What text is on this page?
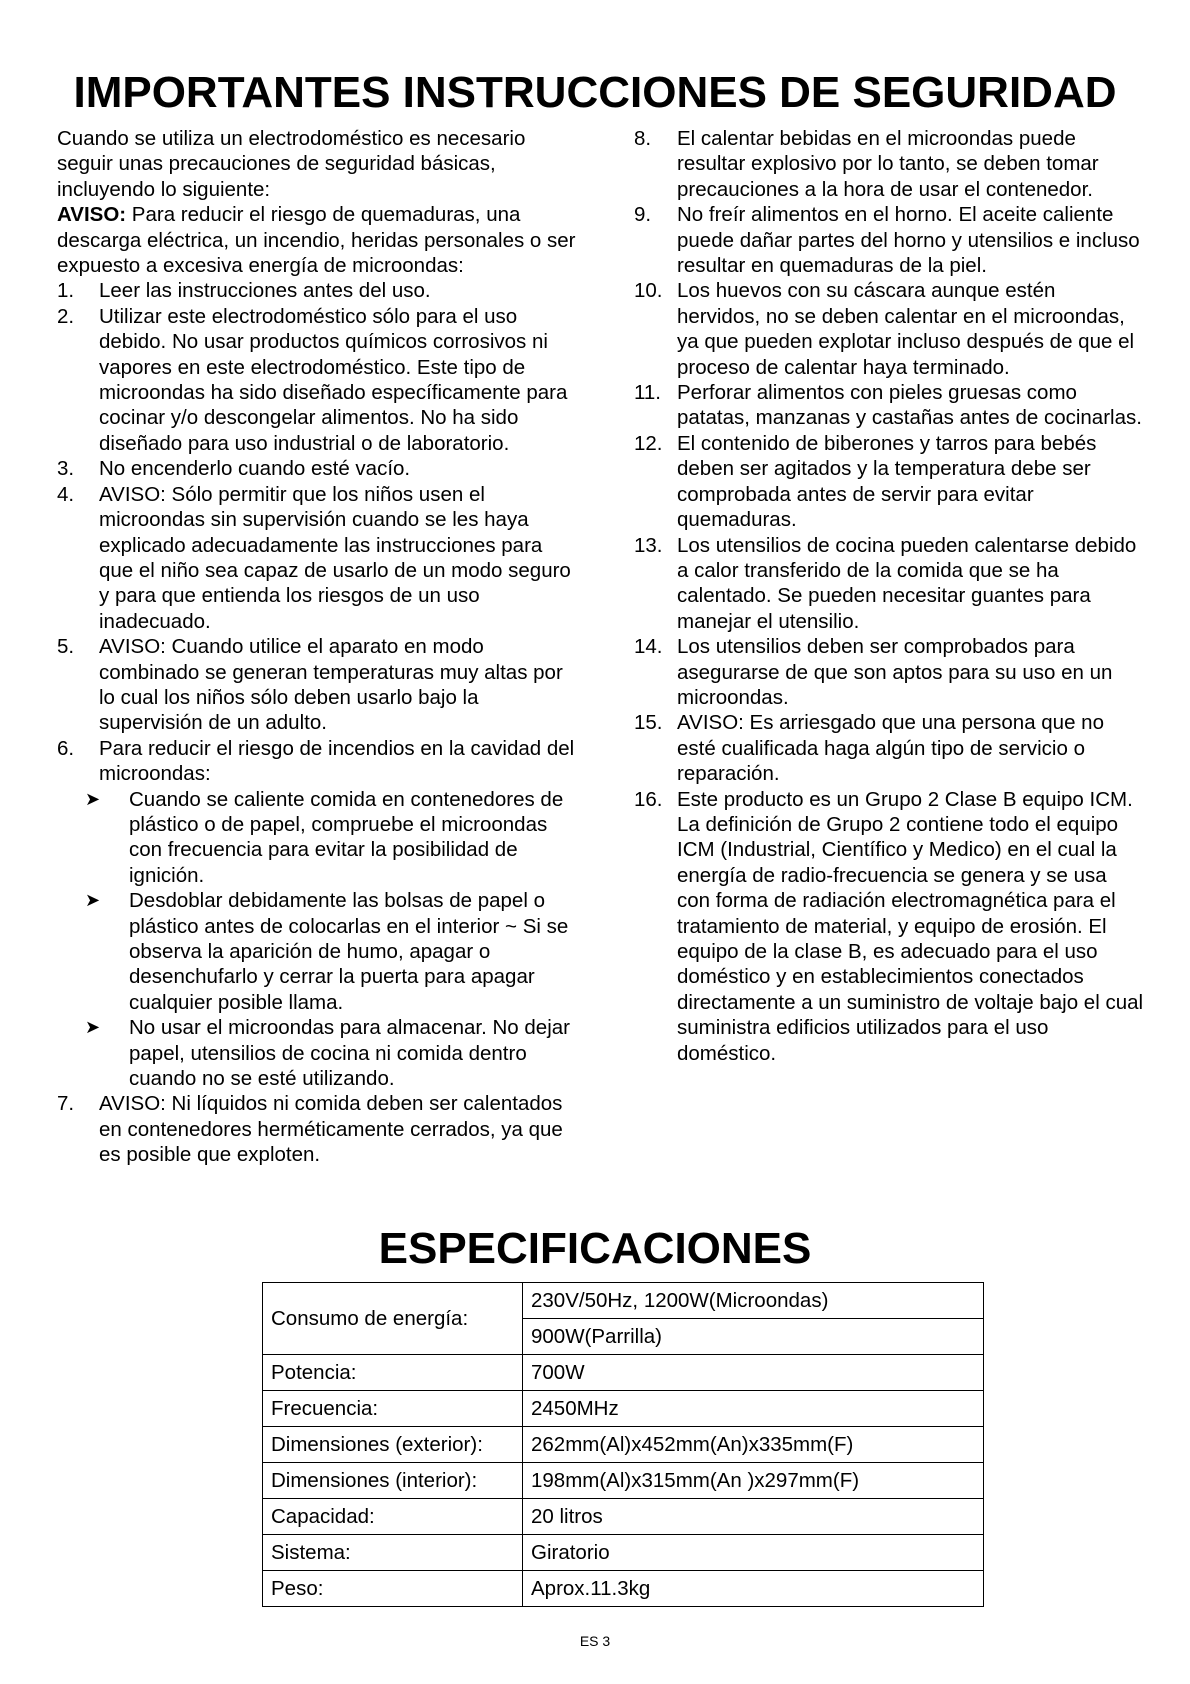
IMPORTANTES INSTRUCCIONES DE SEGURIDAD

Cuando se utiliza un electrodoméstico es necesario seguir unas precauciones de seguridad básicas, incluyendo lo siguiente:

AVISO: Para reducir el riesgo de quemaduras, una descarga eléctrica, un incendio, heridas personales o ser expuesto a excesiva energía de microondas:

1. Leer las instrucciones antes del uso.
2. Utilizar este electrodoméstico sólo para el uso debido. No usar productos químicos corrosivos ni vapores en este electrodoméstico. Este tipo de microondas ha sido diseñado específicamente para cocinar y/o descongelar alimentos. No ha sido diseñado para uso industrial o de laboratorio.
3. No encenderlo cuando esté vacío.
4. AVISO: Sólo permitir que los niños usen el microondas sin supervisión cuando se les haya explicado adecuadamente las instrucciones para que el niño sea capaz de usarlo de un modo seguro y para que entienda los riesgos de un uso inadecuado.
5. AVISO: Cuando utilice el aparato en modo combinado se generan temperaturas muy altas por lo cual los niños sólo deben usarlo bajo la supervisión de un adulto.
6. Para reducir el riesgo de incendios en la cavidad del microondas:
➤ Cuando se caliente comida en contenedores de plástico o de papel, compruebe el microondas con frecuencia para evitar la posibilidad de ignición.
➤ Desdoblar debidamente las bolsas de papel o plástico antes de colocarlas en el interior ~ Si se observa la aparición de humo, apagar o desenchufarlo y cerrar la puerta para apagar cualquier posible llama.
➤ No usar el microondas para almacenar. No dejar papel, utensilios de cocina ni comida dentro cuando no se esté utilizando.
7. AVISO: Ni líquidos ni comida deben ser calentados en contenedores herméticamente cerrados, ya que es posible que exploten.
8. El calentar bebidas en el microondas puede resultar explosivo por lo tanto, se deben tomar precauciones a la hora de usar el contenedor.
9. No freír alimentos en el horno. El aceite caliente puede dañar partes del horno y utensilios e incluso resultar en quemaduras de la piel.
10. Los huevos con su cáscara aunque estén hervidos, no se deben calentar en el microondas, ya que pueden explotar incluso después de que el proceso de calentar haya terminado.
11. Perforar alimentos con pieles gruesas como patatas, manzanas y castañas antes de cocinarlas.
12. El contenido de biberones y tarros para bebés deben ser agitados y la temperatura debe ser comprobada antes de servir para evitar quemaduras.
13. Los utensilios de cocina pueden calentarse debido a calor transferido de la comida que se ha calentado. Se pueden necesitar guantes para manejar el utensilio.
14. Los utensilios deben ser comprobados para asegurarse de que son aptos para su uso en un microondas.
15. AVISO: Es arriesgado que una persona que no esté cualificada haga algún tipo de servicio o reparación.
16. Este producto es un Grupo 2 Clase B equipo ICM. La definición de Grupo 2 contiene todo el equipo ICM (Industrial, Científico y Medico) en el cual la energía de radio-frecuencia se genera y se usa con forma de radiación electromagnética para el tratamiento de material, y equipo de erosión. El equipo de la clase B, es adecuado para el uso doméstico y en establecimientos conectados directamente a un suministro de voltaje bajo el cual suministra edificios utilizados para el uso doméstico.
ESPECIFICACIONES
Consumo de energía:	230V/50Hz, 1200W(Microondas)
	900W(Parrilla)
Potencia:	700W
Frecuencia:	2450MHz
Dimensiones (exterior):	262mm(Al)x452mm(An)x335mm(F)
Dimensiones (interior):	198mm(Al)x315mm(An )x297mm(F)
Capacidad:	20 litros
Sistema:	Giratorio
Peso:	Aprox.11.3kg
ES 3
